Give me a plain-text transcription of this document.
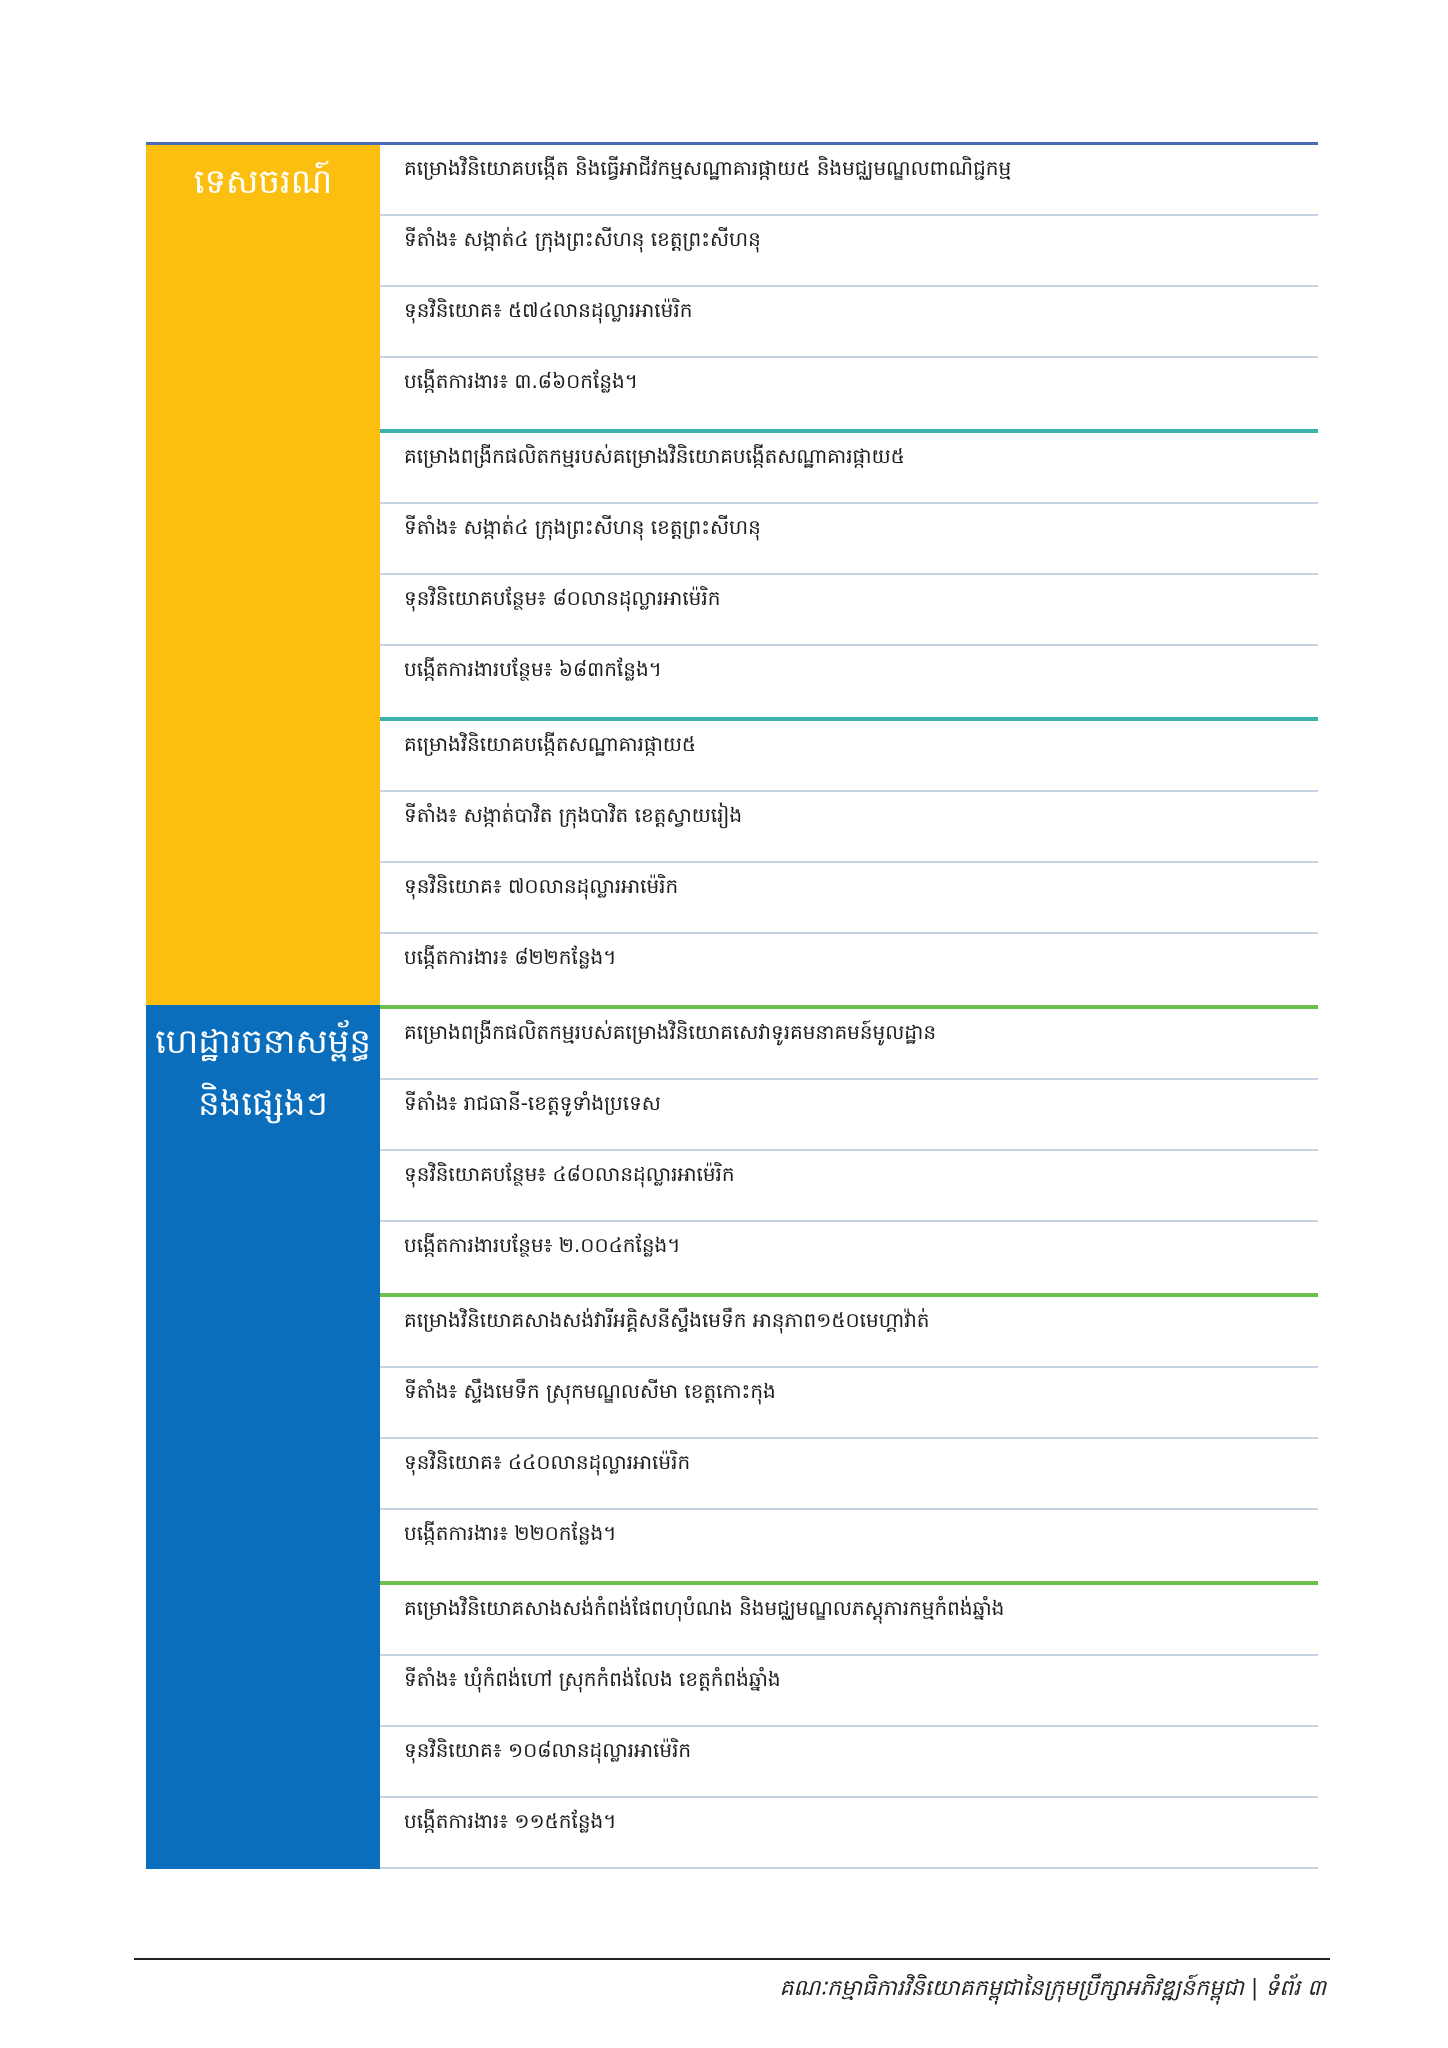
ទេសចរណ៍	គម្រោងវិនិយោគបង្កើត និងធ្វើអាជីវកម្មសណ្ឋាគារផ្កាយ៥ និងមជ្ឈមណ្ឌលពាណិជ្ជកម្ម
ទីតាំង៖ សង្កាត់៤ ក្រុងព្រះសីហនុ ខេត្តព្រះសីហនុ
ទុនវិនិយោគ៖ ៥៧៤លានដុល្លារអាម៉េរិក
បង្កើតការងារ៖ ៣.៨៦០កន្លែង។
គម្រោងពង្រីកផលិតកម្មរបស់គម្រោងវិនិយោគបង្កើតសណ្ឋាគារផ្កាយ៥
ទីតាំង៖ សង្កាត់៤ ក្រុងព្រះសីហនុ ខេត្តព្រះសីហនុ
ទុនវិនិយោគបន្ថែម៖ ៨០លានដុល្លារអាម៉េរិក
បង្កើតការងារបន្ថែម៖ ៦៨៣កន្លែង។
គម្រោងវិនិយោគបង្កើតសណ្ឋាគារផ្កាយ៥
ទីតាំង៖ សង្កាត់បាវិត ក្រុងបាវិត ខេត្តស្វាយរៀង
ទុនវិនិយោគ៖ ៧០លានដុល្លារអាម៉េរិក
បង្កើតការងារ៖ ៨២២កន្លែង។
ហេដ្ឋារចនាសម្ព័ន្ធ
និងផ្សេងៗ
គម្រោងពង្រីកផលិតកម្មរបស់គម្រោងវិនិយោគសេវាទូរគមនាគមន៍មូលដ្ឋាន
ទីតាំង៖ រាជធានី-ខេត្តទូទាំងប្រទេស
ទុនវិនិយោគបន្ថែម៖ ៤៨០លានដុល្លារអាម៉េរិក
បង្កើតការងារបន្ថែម៖ ២.០០៤កន្លែង។
គម្រោងវិនិយោគសាងសង់វារីអគ្គិសនីស្ទឹងមេទឹក អានុភាព១៥០មេហ្គាវ៉ាត់
ទីតាំង៖ ស្ទឹងមេទឹក ស្រុកមណ្ឌលសីមា ខេត្តកោះកុង
ទុនវិនិយោគ៖ ៤៤០លានដុល្លារអាម៉េរិក
បង្កើតការងារ៖ ២២០កន្លែង។
គម្រោងវិនិយោគសាងសង់កំពង់ផែពហុបំណង និងមជ្ឈមណ្ឌលភស្តុភារកម្មកំពង់ឆ្នាំង
ទីតាំង៖ ឃុំកំពង់ហៅ ស្រុកកំពង់លែង ខេត្តកំពង់ឆ្នាំង
ទុនវិនិយោគ៖ ១០៨លានដុល្លារអាម៉េរិក
បង្កើតការងារ៖ ១១៥កន្លែង។
គណៈកម្មាធិការវិនិយោគកម្ពុជានៃក្រុមប្រឹក្សាអភិវឌ្ឍន៍កម្ពុជា | ទំព័រ ៣
